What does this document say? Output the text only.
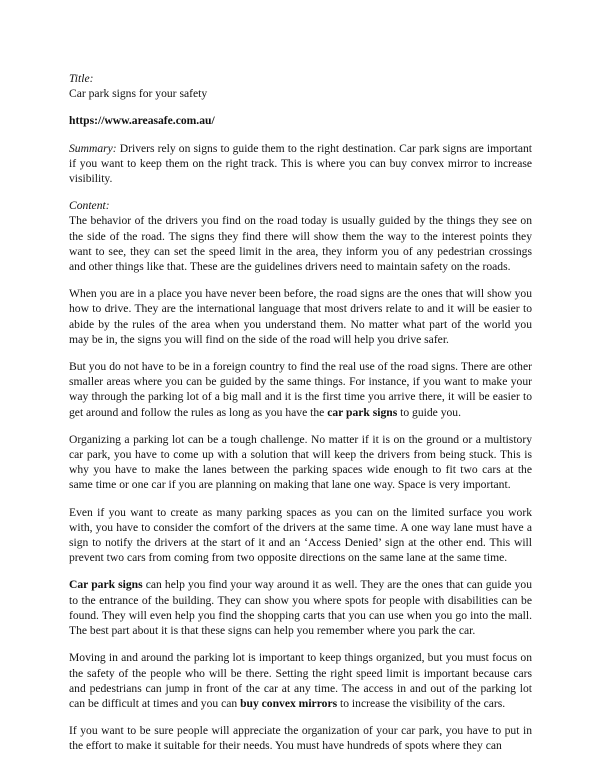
Title:
Car park signs for your safety
https://www.areasafe.com.au/
Summary: Drivers rely on signs to guide them to the right destination. Car park signs are important if you want to keep them on the right track. This is where you can buy convex mirror to increase visibility.
Content:
The behavior of the drivers you find on the road today is usually guided by the things they see on the side of the road. The signs they find there will show them the way to the interest points they want to see, they can set the speed limit in the area, they inform you of any pedestrian crossings and other things like that. These are the guidelines drivers need to maintain safety on the roads.
When you are in a place you have never been before, the road signs are the ones that will show you how to drive. They are the international language that most drivers relate to and it will be easier to abide by the rules of the area when you understand them. No matter what part of the world you may be in, the signs you will find on the side of the road will help you drive safer.
But you do not have to be in a foreign country to find the real use of the road signs. There are other smaller areas where you can be guided by the same things. For instance, if you want to make your way through the parking lot of a big mall and it is the first time you arrive there, it will be easier to get around and follow the rules as long as you have the car park signs to guide you.
Organizing a parking lot can be a tough challenge. No matter if it is on the ground or a multistory car park, you have to come up with a solution that will keep the drivers from being stuck. This is why you have to make the lanes between the parking spaces wide enough to fit two cars at the same time or one car if you are planning on making that lane one way. Space is very important.
Even if you want to create as many parking spaces as you can on the limited surface you work with, you have to consider the comfort of the drivers at the same time. A one way lane must have a sign to notify the drivers at the start of it and an ‘Access Denied’ sign at the other end. This will prevent two cars from coming from two opposite directions on the same lane at the same time.
Car park signs can help you find your way around it as well. They are the ones that can guide you to the entrance of the building. They can show you where spots for people with disabilities can be found. They will even help you find the shopping carts that you can use when you go into the mall. The best part about it is that these signs can help you remember where you park the car.
Moving in and around the parking lot is important to keep things organized, but you must focus on the safety of the people who will be there. Setting the right speed limit is important because cars and pedestrians can jump in front of the car at any time. The access in and out of the parking lot can be difficult at times and you can buy convex mirrors to increase the visibility of the cars.
If you want to be sure people will appreciate the organization of your car park, you have to put in the effort to make it suitable for their needs. You must have hundreds of spots where they can
